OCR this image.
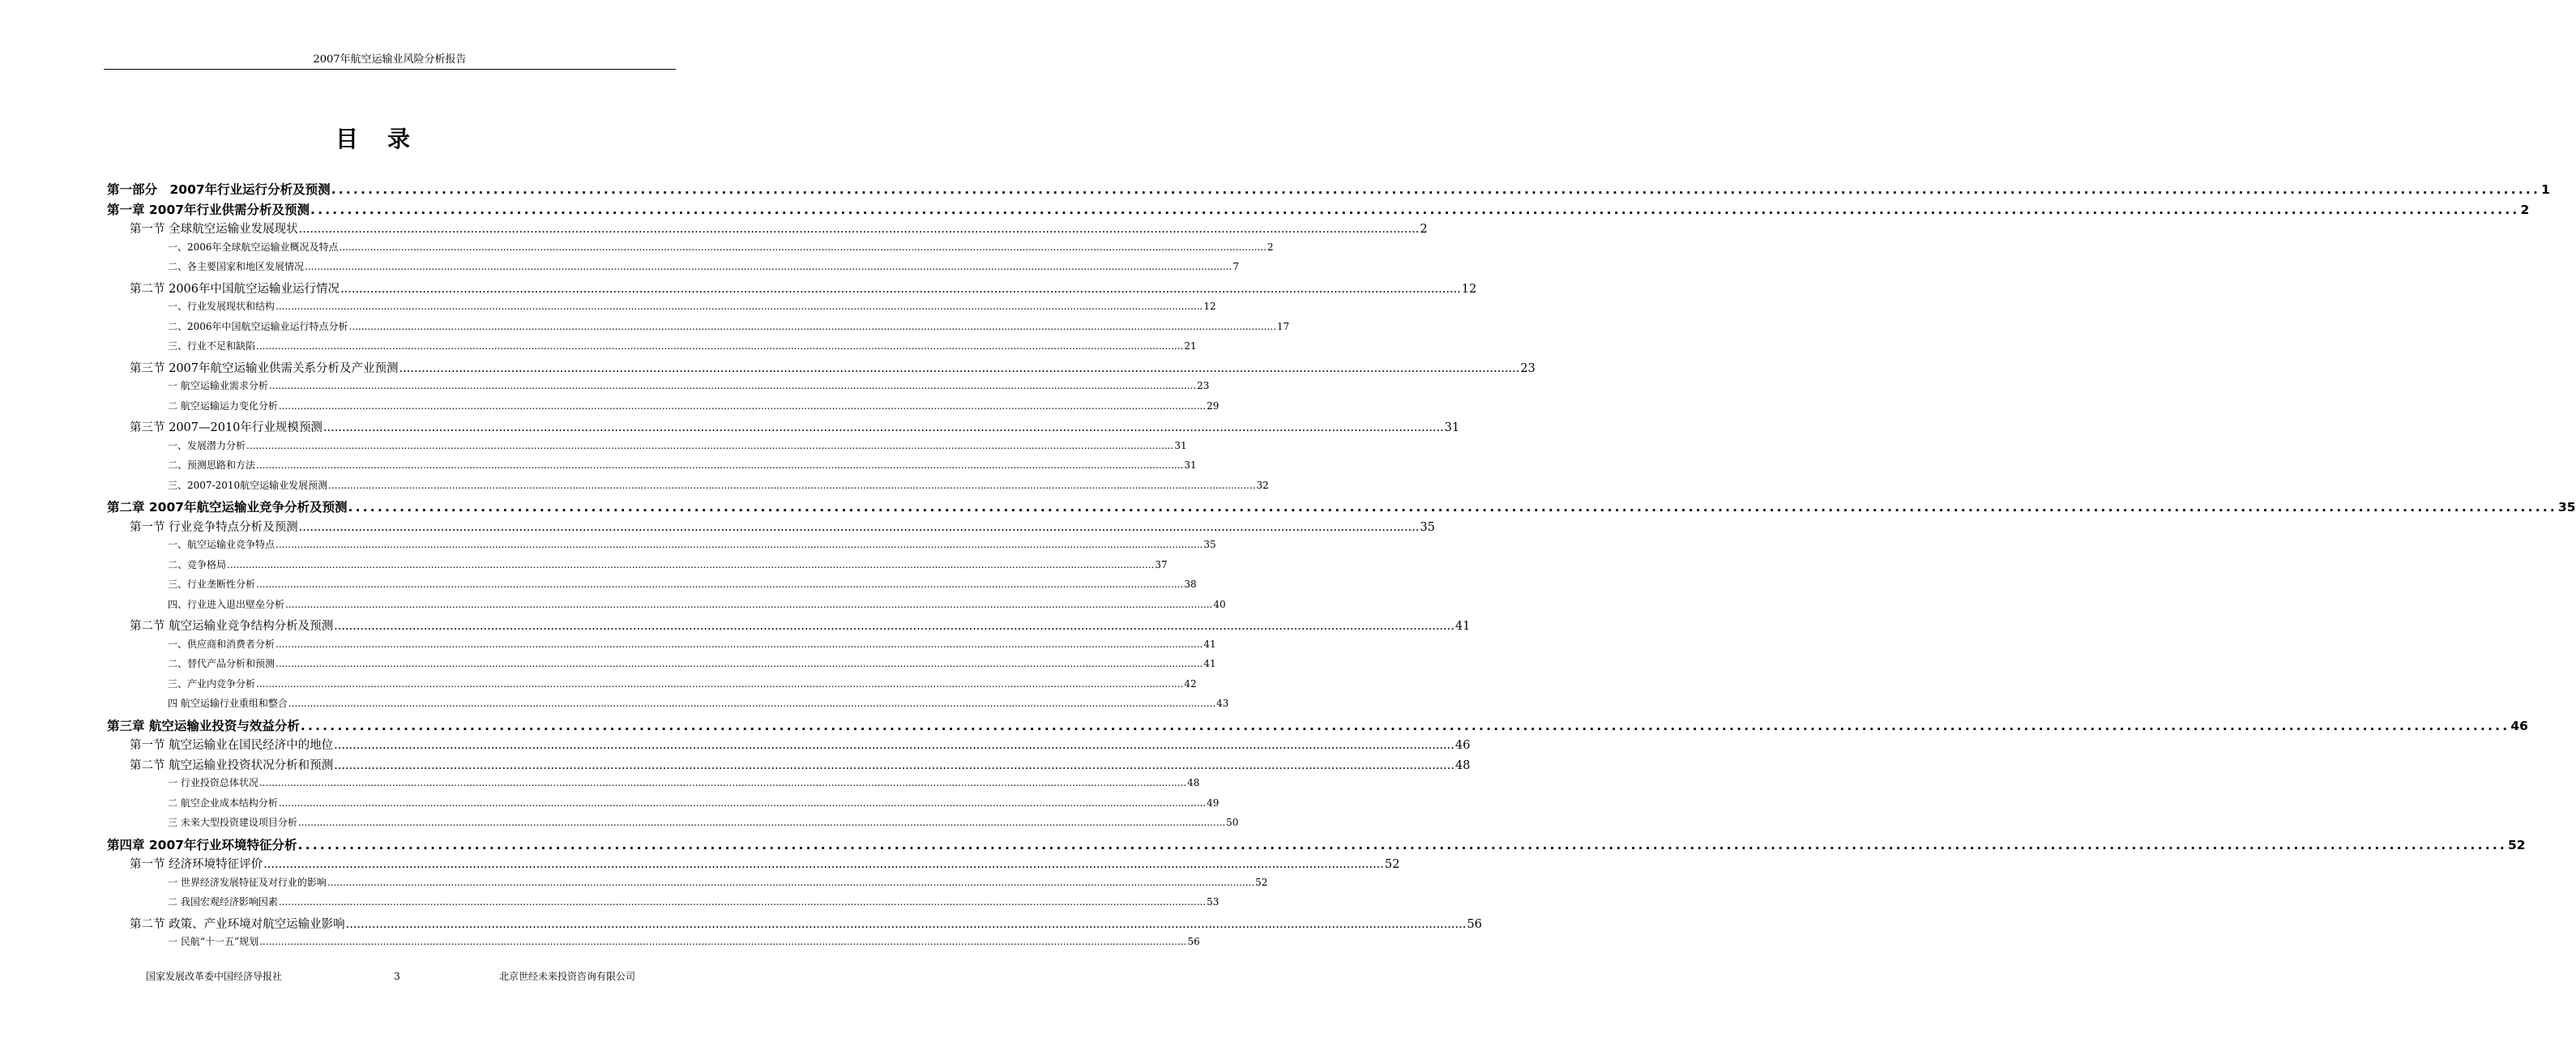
2007年航空运输业风险分析报告
目录
第一部分　2007年行业运行分析及预测 ............................................................................................................................................................................................................................................................................................................ 1
第一章 2007年行业供需分析及预测 ............................................................................................................................................................................................................................................................................................................ 2
第一节 全球航空运输业发展现状 ............................................................................................................................................................................................................................................................................................................ 2
一、2006年全球航空运输业概况及特点 ............................................................................................................................................................................................................................................................................................................ 2
二、各主要国家和地区发展情况 ............................................................................................................................................................................................................................................................................................................ 7
第二节 2006年中国航空运输业运行情况 ............................................................................................................................................................................................................................................................................................................ 12
一、行业发展现状和结构 ............................................................................................................................................................................................................................................................................................................ 12
二、2006年中国航空运输业运行特点分析 ............................................................................................................................................................................................................................................................................................................ 17
三、行业不足和缺陷 ............................................................................................................................................................................................................................................................................................................ 21
第三节 2007年航空运输业供需关系分析及产业预测 ............................................................................................................................................................................................................................................................................................................ 23
一 航空运输业需求分析 ............................................................................................................................................................................................................................................................................................................ 23
二 航空运输运力变化分析 ............................................................................................................................................................................................................................................................................................................ 29
第三节 2007—2010年行业规模预测 ............................................................................................................................................................................................................................................................................................................ 31
一、发展潜力分析 ............................................................................................................................................................................................................................................................................................................ 31
二、预测思路和方法 ............................................................................................................................................................................................................................................................................................................ 31
三、2007-2010航空运输业发展预测 ............................................................................................................................................................................................................................................................................................................ 32
第二章 2007年航空运输业竞争分析及预测 ............................................................................................................................................................................................................................................................................................................ 35
第一节 行业竞争特点分析及预测 ............................................................................................................................................................................................................................................................................................................ 35
一、航空运输业竞争特点 ............................................................................................................................................................................................................................................................................................................ 35
二、竞争格局 ............................................................................................................................................................................................................................................................................................................ 37
三、行业垄断性分析 ............................................................................................................................................................................................................................................................................................................ 38
四、行业进入退出壁垒分析 ............................................................................................................................................................................................................................................................................................................ 40
第二节 航空运输业竞争结构分析及预测 ............................................................................................................................................................................................................................................................................................................ 41
一、供应商和消费者分析 ............................................................................................................................................................................................................................................................................................................ 41
二、替代产品分析和预测 ............................................................................................................................................................................................................................................................................................................ 41
三、产业内竞争分析 ............................................................................................................................................................................................................................................................................................................ 42
四 航空运输行业重组和整合 ............................................................................................................................................................................................................................................................................................................ 43
第三章 航空运输业投资与效益分析 ............................................................................................................................................................................................................................................................................................................ 46
第一节 航空运输业在国民经济中的地位 ............................................................................................................................................................................................................................................................................................................ 46
第二节 航空运输业投资状况分析和预测 ............................................................................................................................................................................................................................................................................................................ 48
一 行业投资总体状况 ............................................................................................................................................................................................................................................................................................................ 48
二 航空企业成本结构分析 ............................................................................................................................................................................................................................................................................................................ 49
三 未来大型投资建设项目分析 ............................................................................................................................................................................................................................................................................................................ 50
第四章 2007年行业环境特征分析 ............................................................................................................................................................................................................................................................................................................ 52
第一节 经济环境特征评价 ............................................................................................................................................................................................................................................................................................................ 52
一 世界经济发展特征及对行业的影响 ............................................................................................................................................................................................................................................................................................................ 52
二 我国宏观经济影响因素 ............................................................................................................................................................................................................................................................................................................ 53
第二节 政策、产业环境对航空运输业影响 ............................................................................................................................................................................................................................................................................................................ 56
一 民航“十一五”规划 ............................................................................................................................................................................................................................................................................................................ 56
国家发展改革委中国经济导报社	3	北京世经未来投资咨询有限公司
